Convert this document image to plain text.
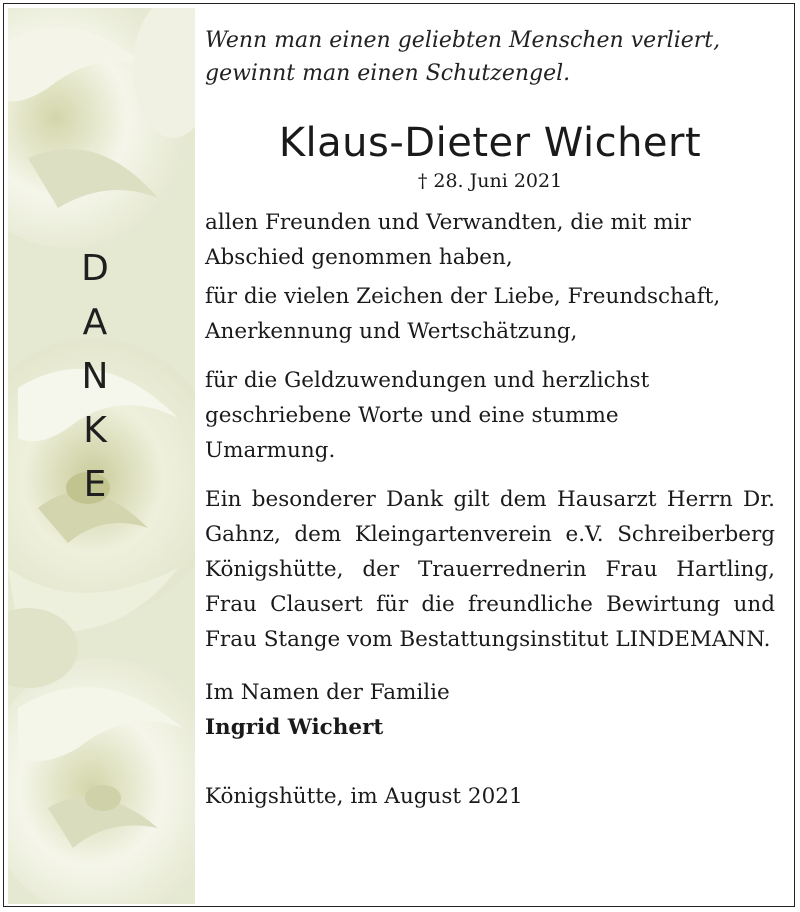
D
A
N
K
E

Wenn man einen geliebten Menschen verliert,

gewinnt man einen Schutzengel.

Klaus-Dieter Wichert
† 28. Juni 2021

allen Freunden und Verwandten, die mit mir

Abschied genommen haben,

für die vielen Zeichen der Liebe, Freundschaft,

Anerkennung und Wertschätzung,

für die Geldzuwendungen und herzlichst

geschriebene Worte und eine stumme

Umarmung.

Ein besonderer Dank gilt dem Hausarzt Herrn Dr. Gahnz, dem Kleingartenverein e.V. Schreiberberg Königshütte, der Trauerrednerin Frau Hartling, Frau Clausert für die freundliche Bewirtung und Frau Stange vom Bestattungsinstitut LINDEMANN.

Im Namen der Familie

Ingrid Wichert

Königshütte, im August 2021
